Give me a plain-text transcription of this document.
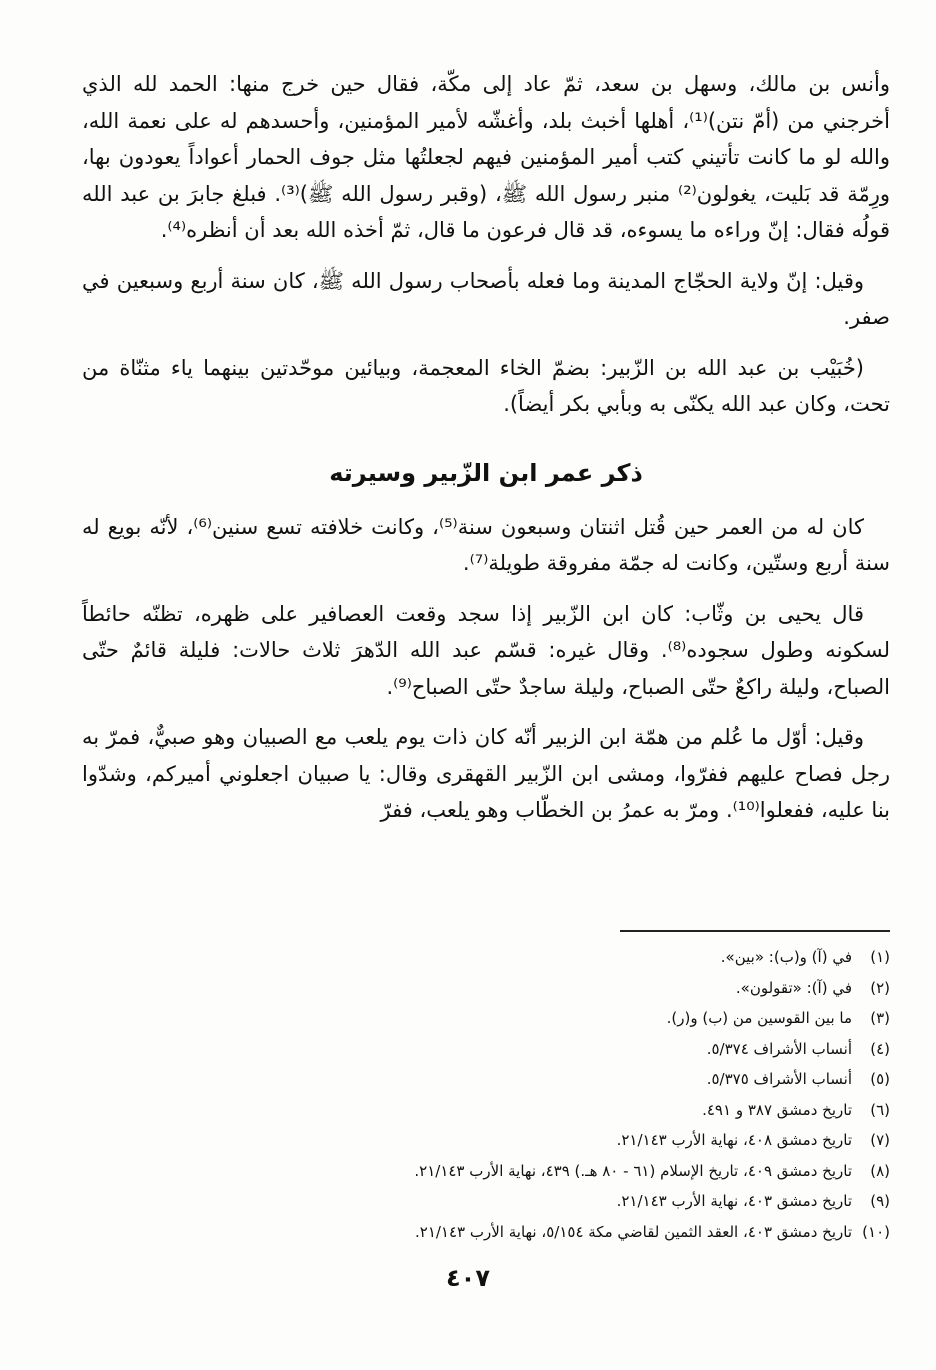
وأنس بن مالك، وسهل بن سعد، ثمّ عاد إلى مكّة، فقال حين خرج منها: الحمد لله الذي أخرجني من (أمّ نتن)⁽¹⁾، أهلها أخبث بلد، وأغشّه لأمير المؤمنين، وأحسدهم له على نعمة الله، والله لو ما كانت تأتيني كتب أمير المؤمنين فيهم لجعلتُها مثل جوف الحمار أعواداً يعودون بها، ورِمّة قد بَليت، يغولون⁽²⁾ منبر رسول الله ﷺ، (وقبر رسول الله ﷺ)⁽³⁾. فبلغ جابرَ بن عبد الله قولُه فقال: إنّ وراءه ما يسوءه، قد قال فرعون ما قال، ثمّ أخذه الله بعد أن أنظره⁽⁴⁾.

وقيل: إنّ ولاية الحجّاج المدينة وما فعله بأصحاب رسول الله ﷺ، كان سنة أربع وسبعين في صفر.

(خُبَيْب بن عبد الله بن الزّبير: بضمّ الخاء المعجمة، وبيائين موحّدتين بينهما ياء مثنّاة من تحت، وكان عبد الله يكنّى به وبأبي بكر أيضاً).

ذكر عمر ابن الزّبير وسيرته

كان له من العمر حين قُتل اثنتان وسبعون سنة⁽⁵⁾، وكانت خلافته تسع سنين⁽⁶⁾، لأنّه بويع له سنة أربع وستّين، وكانت له جمّة مفروقة طويلة⁽⁷⁾.

قال يحيى بن وثّاب: كان ابن الزّبير إذا سجد وقعت العصافير على ظهره، تظنّه حائطاً لسكونه وطول سجوده⁽⁸⁾. وقال غيره: قسّم عبد الله الدّهرَ ثلاث حالات: فليلة قائمٌ حتّى الصباح، وليلة راكعٌ حتّى الصباح، وليلة ساجدٌ حتّى الصباح⁽⁹⁾.

وقيل: أوّل ما عُلم من همّة ابن الزبير أنّه كان ذات يوم يلعب مع الصبيان وهو صبيٌّ، فمرّ به رجل فصاح عليهم ففرّوا، ومشى ابن الزّبير القهقرى وقال: يا صبيان اجعلوني أميركم، وشدّوا بنا عليه، ففعلوا⁽¹⁰⁾. ومرّ به عمرُ بن الخطّاب وهو يلعب، ففرّ

(١)
في (آ) و(ب): «بين».
(٢)
في (آ): «تقولون».
(٣)
ما بين القوسين من (ب) و(ر).
(٤)
أنساب الأشراف ٥/٣٧٤.
(٥)
أنساب الأشراف ٥/٣٧٥.
(٦)
تاريخ دمشق ٣٨٧ و ٤٩١.
(٧)
تاريخ دمشق ٤٠٨، نهاية الأرب ٢١/١٤٣.
(٨)
تاريخ دمشق ٤٠٩، تاريخ الإسلام (٦١ - ٨٠ هـ.) ٤٣٩، نهاية الأرب ٢١/١٤٣.
(٩)
تاريخ دمشق ٤٠٣، نهاية الأرب ٢١/١٤٣.
(١٠)
تاريخ دمشق ٤٠٣، العقد الثمين لقاضي مكة ٥/١٥٤، نهاية الأرب ٢١/١٤٣.
٤٠٧
